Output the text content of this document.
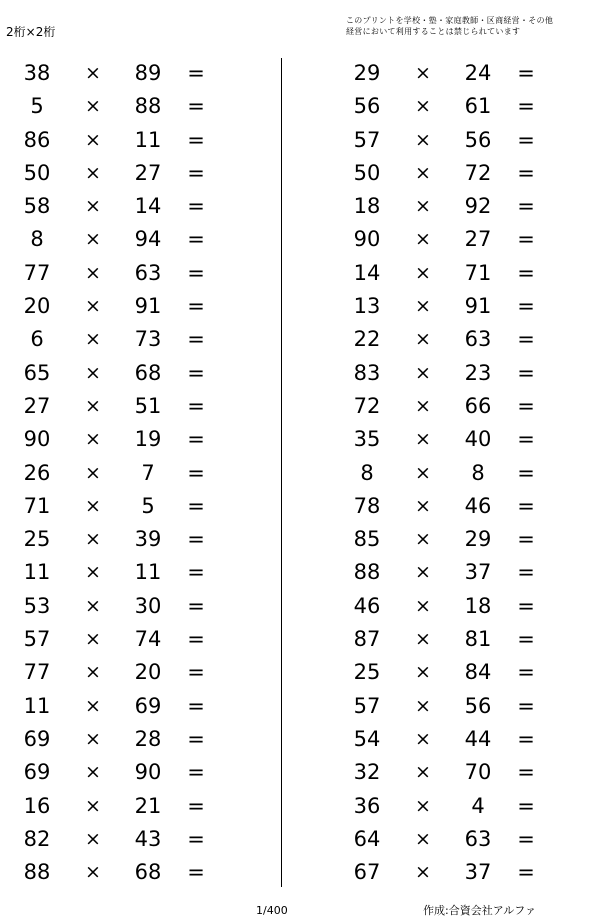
2桁×2桁
このプリントを学校・塾・家庭教師・区商経営・その他
経営において利用することは禁じられています
38	×	89	=
5	×	88	=
86	×	11	=
50	×	27	=
58	×	14	=
8	×	94	=
77	×	63	=
20	×	91	=
6	×	73	=
65	×	68	=
27	×	51	=
90	×	19	=
26	×	7	=
71	×	5	=
25	×	39	=
11	×	11	=
53	×	30	=
57	×	74	=
77	×	20	=
11	×	69	=
69	×	28	=
69	×	90	=
16	×	21	=
82	×	43	=
88	×	68	=
29	×	24	=
56	×	61	=
57	×	56	=
50	×	72	=
18	×	92	=
90	×	27	=
14	×	71	=
13	×	91	=
22	×	63	=
83	×	23	=
72	×	66	=
35	×	40	=
8	×	8	=
78	×	46	=
85	×	29	=
88	×	37	=
46	×	18	=
87	×	81	=
25	×	84	=
57	×	56	=
54	×	44	=
32	×	70	=
36	×	4	=
64	×	63	=
67	×	37	=
1/400	作成:合資会社アルファ
